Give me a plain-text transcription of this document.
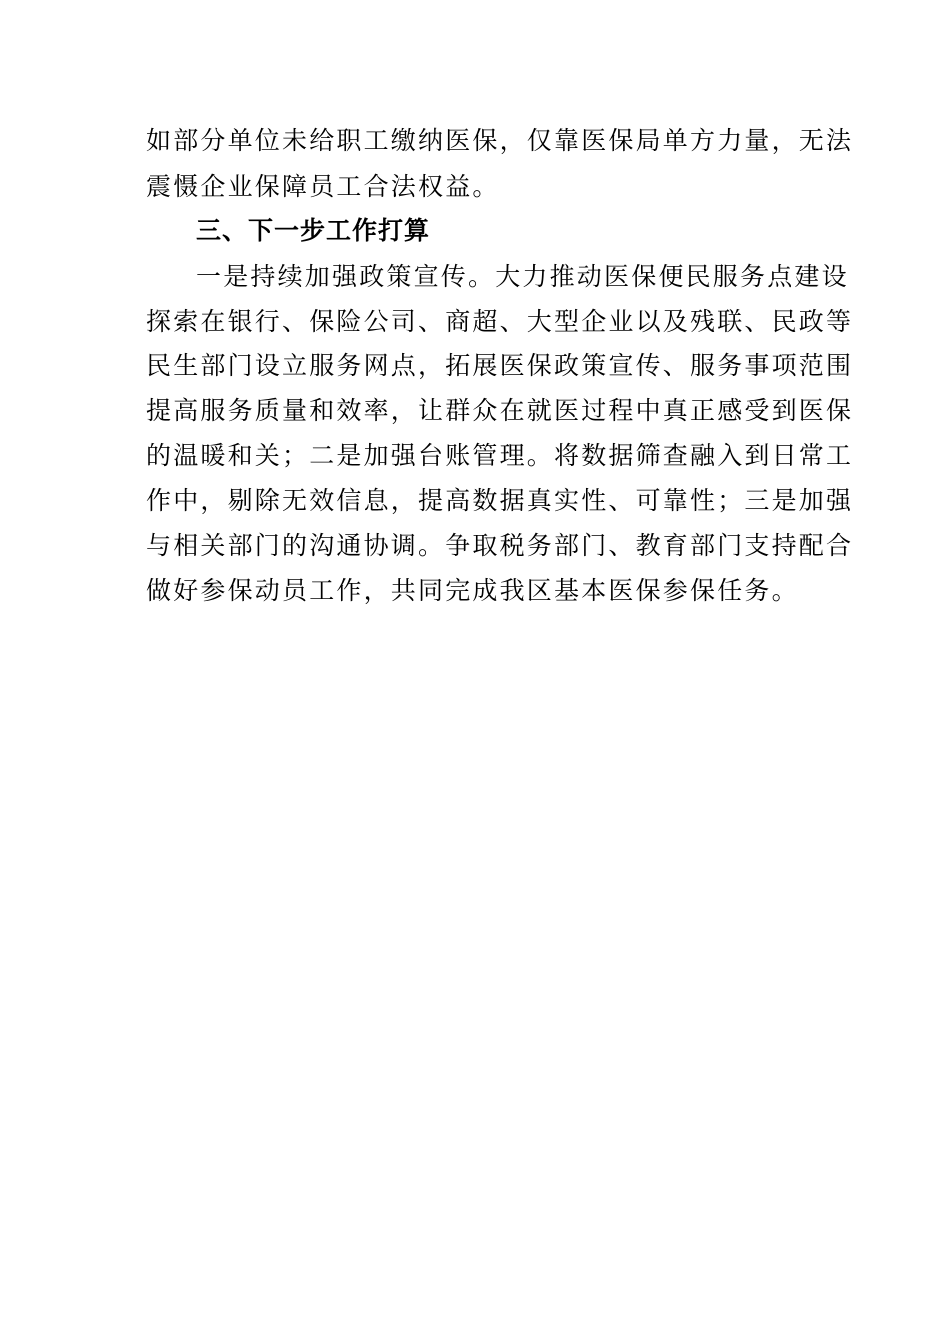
如部分单位未给职工缴纳医保，仅靠医保局单方力量，无法
震慑企业保障员工合法权益。
三、下一步工作打算
一是持续加强政策宣传。大力推动医保便民服务点建设
探索在银行、保险公司、商超、大型企业以及残联、民政等
民生部门设立服务网点，拓展医保政策宣传、服务事项范围
提高服务质量和效率，让群众在就医过程中真正感受到医保
的温暖和关；二是加强台账管理。将数据筛查融入到日常工
作中，剔除无效信息，提高数据真实性、可靠性；三是加强
与相关部门的沟通协调。争取税务部门、教育部门支持配合
做好参保动员工作，共同完成我区基本医保参保任务。
